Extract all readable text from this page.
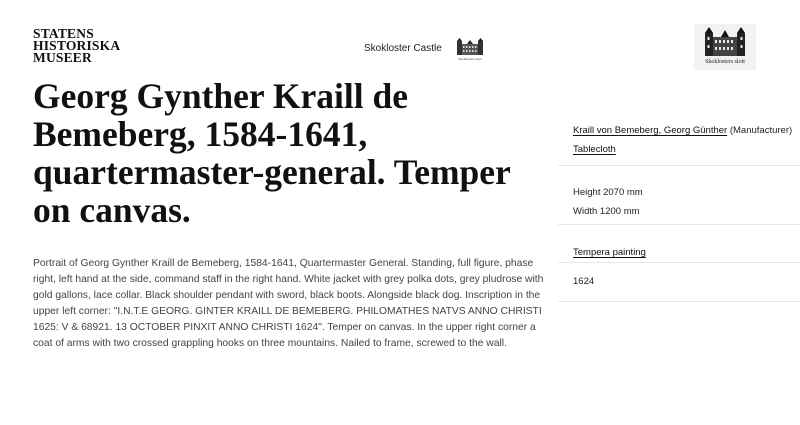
STATENS
HISTORISKA
MUSEER
Skokloster Castle
Skoklosters slott	Skoklosters slott
Georg Gynther Kraill de Bemeberg, 1584-1641, quartermaster-general. Temper on canvas.

Portrait of Georg Gynther Kraill de Bemeberg, 1584-1641, Quartermaster General. Standing, full figure, phase right, left hand at the side, command staff in the right hand. White jacket with grey polka dots, grey pludrose with gold gallons, lace collar. Black shoulder pendant with sword, black boots. Alongside black dog. Inscription in the upper left corner: "I.N.T.E GEORG. GINTER KRAILL DE BEMEBERG. PHILOMATHES NATVS ANNO CHRISTI 1625: V & 68921. 13 OCTOBER PINXIT ANNO CHRISTI 1624". Temper on canvas. In the upper right corner a coat of arms with two crossed grappling hooks on three mountains. Nailed to frame, screwed to the wall.

Kraill von Bemeberg, Georg Günther (Manufacturer)
Tablecloth
Height 2070 mm
Width 1200 mm
Tempera painting
1624
